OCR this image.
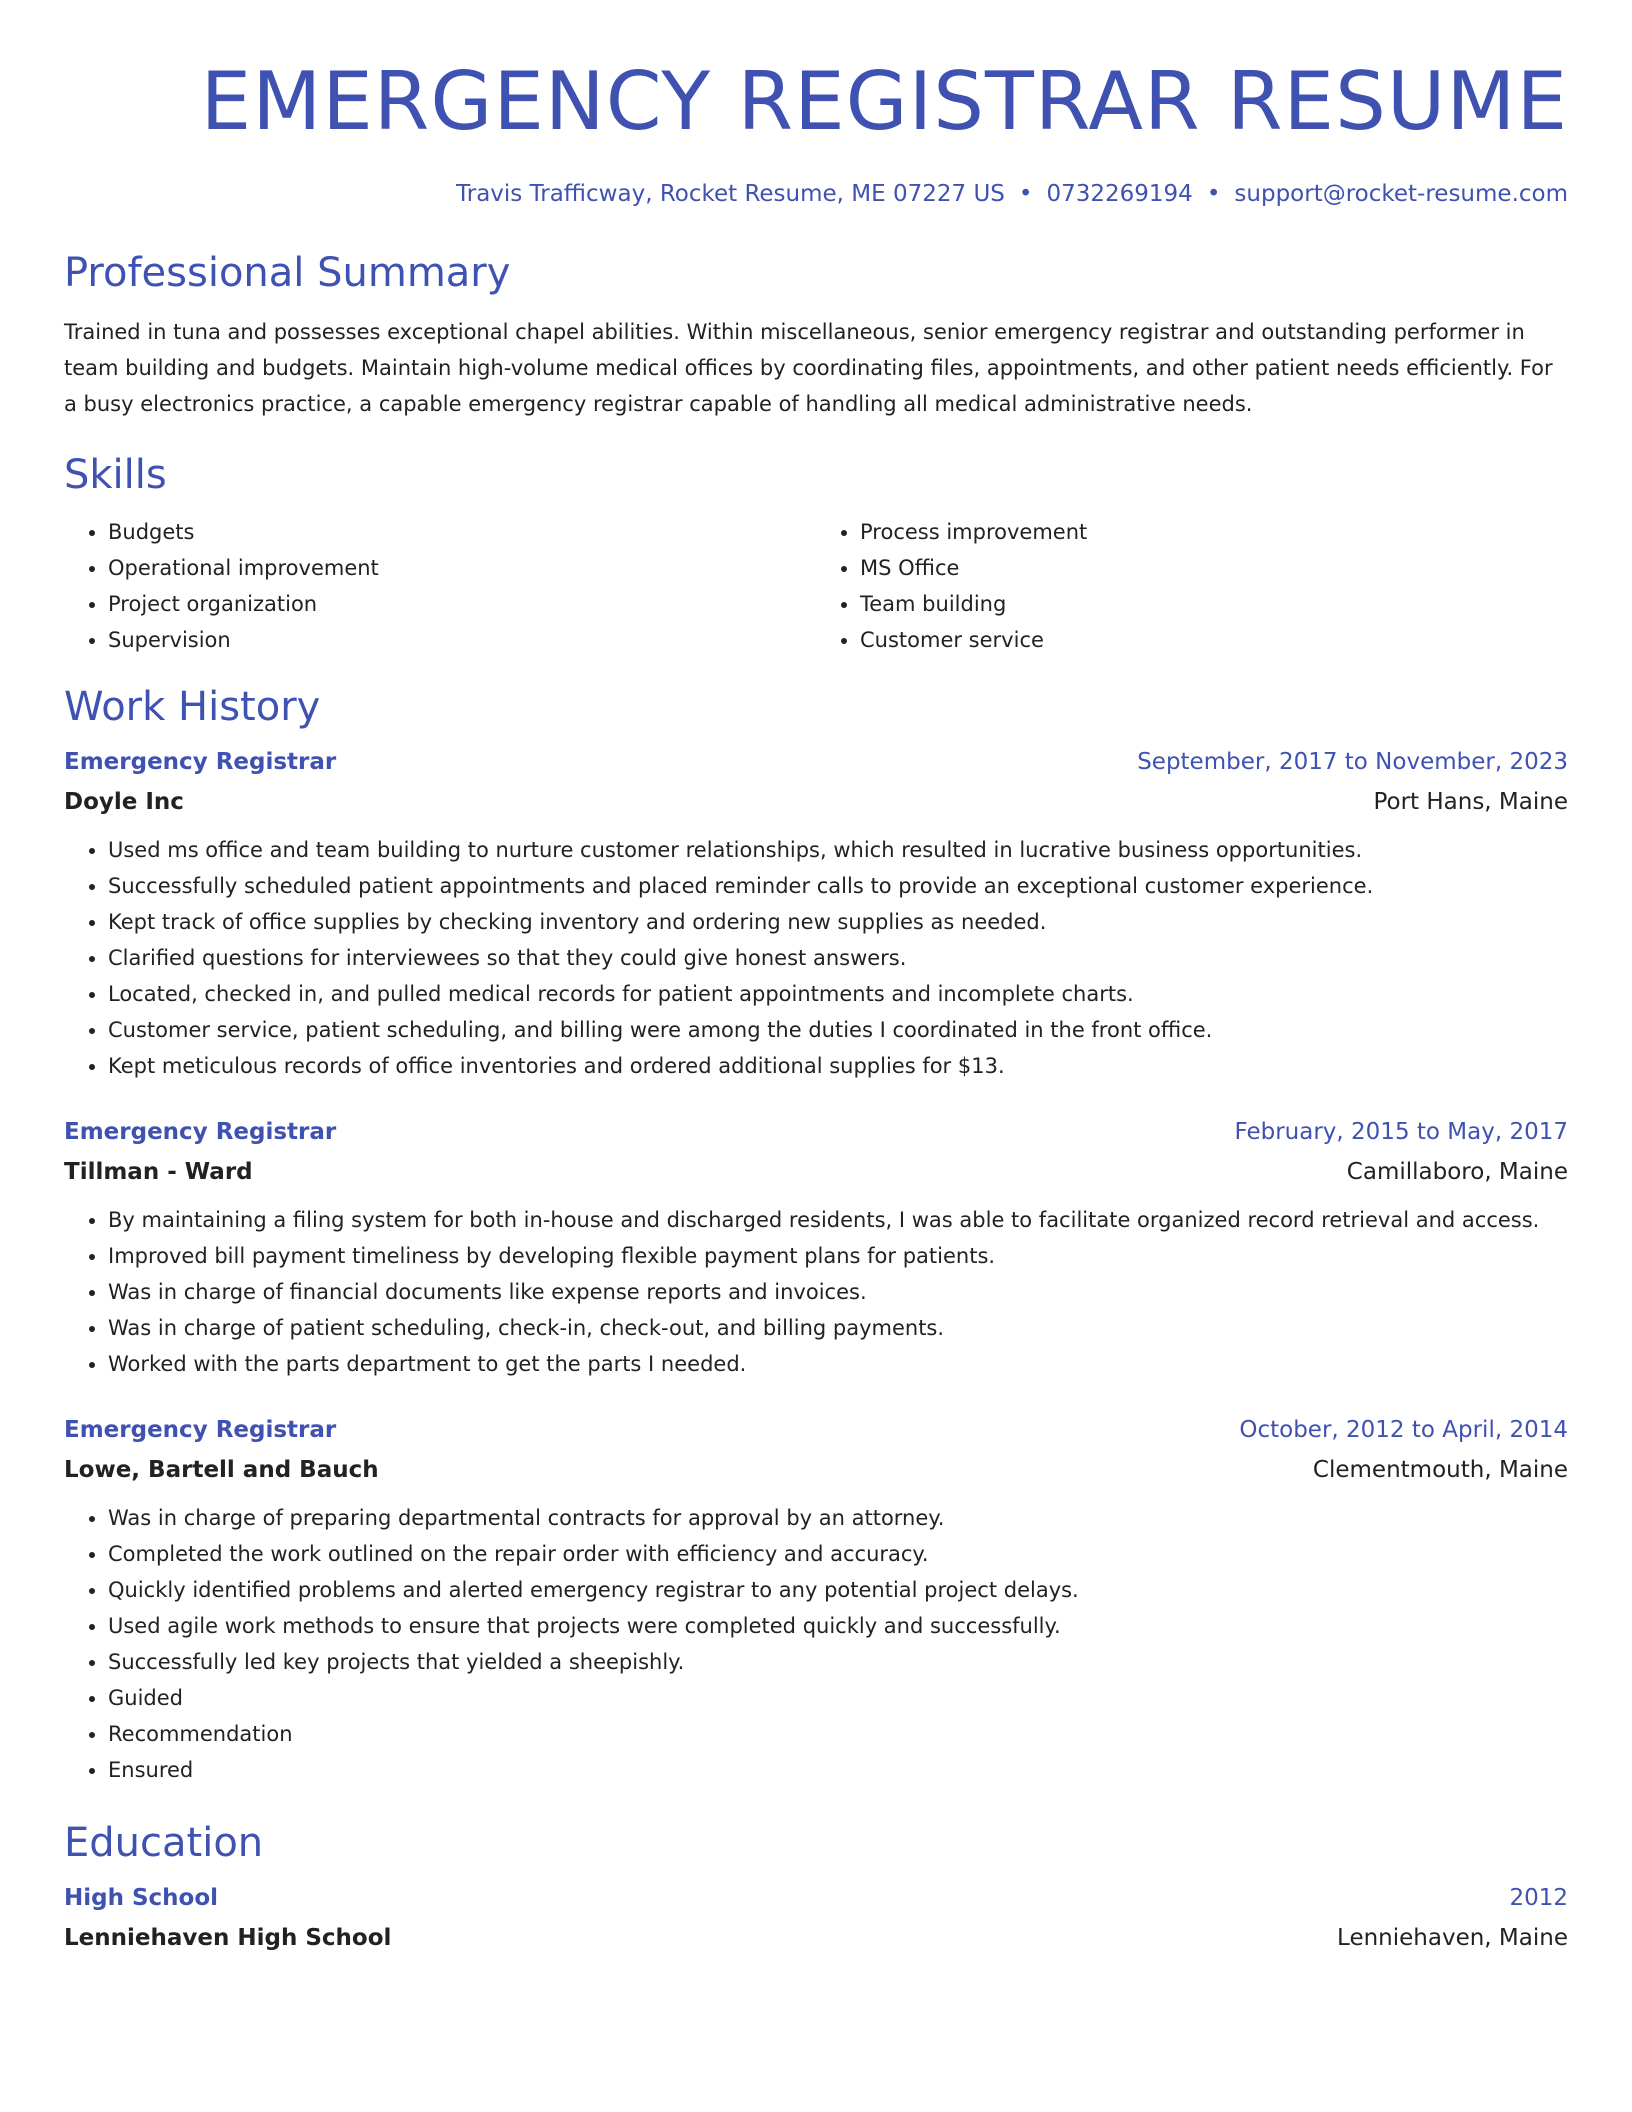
EMERGENCY REGISTRAR RESUME
Travis Trafficway, Rocket Resume, ME 07227 US • 0732269194 • support@rocket-resume.com
Professional Summary
Trained in tuna and possesses exceptional chapel abilities. Within miscellaneous, senior emergency registrar and outstanding performer in team building and budgets. Maintain high-volume medical offices by coordinating files, appointments, and other patient needs efficiently. For a busy electronics practice, a capable emergency registrar capable of handling all medical administrative needs.
Skills
• Budgets
• Operational improvement
• Project organization
• Supervision
• Process improvement
• MS Office
• Team building
• Customer service
Work History
Emergency Registrar	September, 2017 to November, 2023
Doyle Inc	Port Hans, Maine
• Used ms office and team building to nurture customer relationships, which resulted in lucrative business opportunities.
• Successfully scheduled patient appointments and placed reminder calls to provide an exceptional customer experience.
• Kept track of office supplies by checking inventory and ordering new supplies as needed.
• Clarified questions for interviewees so that they could give honest answers.
• Located, checked in, and pulled medical records for patient appointments and incomplete charts.
• Customer service, patient scheduling, and billing were among the duties I coordinated in the front office.
• Kept meticulous records of office inventories and ordered additional supplies for $13.
Emergency Registrar	February, 2015 to May, 2017
Tillman - Ward	Camillaboro, Maine
• By maintaining a filing system for both in-house and discharged residents, I was able to facilitate organized record retrieval and access.
• Improved bill payment timeliness by developing flexible payment plans for patients.
• Was in charge of financial documents like expense reports and invoices.
• Was in charge of patient scheduling, check-in, check-out, and billing payments.
• Worked with the parts department to get the parts I needed.
Emergency Registrar	October, 2012 to April, 2014
Lowe, Bartell and Bauch	Clementmouth, Maine
• Was in charge of preparing departmental contracts for approval by an attorney.
• Completed the work outlined on the repair order with efficiency and accuracy.
• Quickly identified problems and alerted emergency registrar to any potential project delays.
• Used agile work methods to ensure that projects were completed quickly and successfully.
• Successfully led key projects that yielded a sheepishly.
• Guided
• Recommendation
• Ensured
Education
High School	2012
Lenniehaven High School	Lenniehaven, Maine
